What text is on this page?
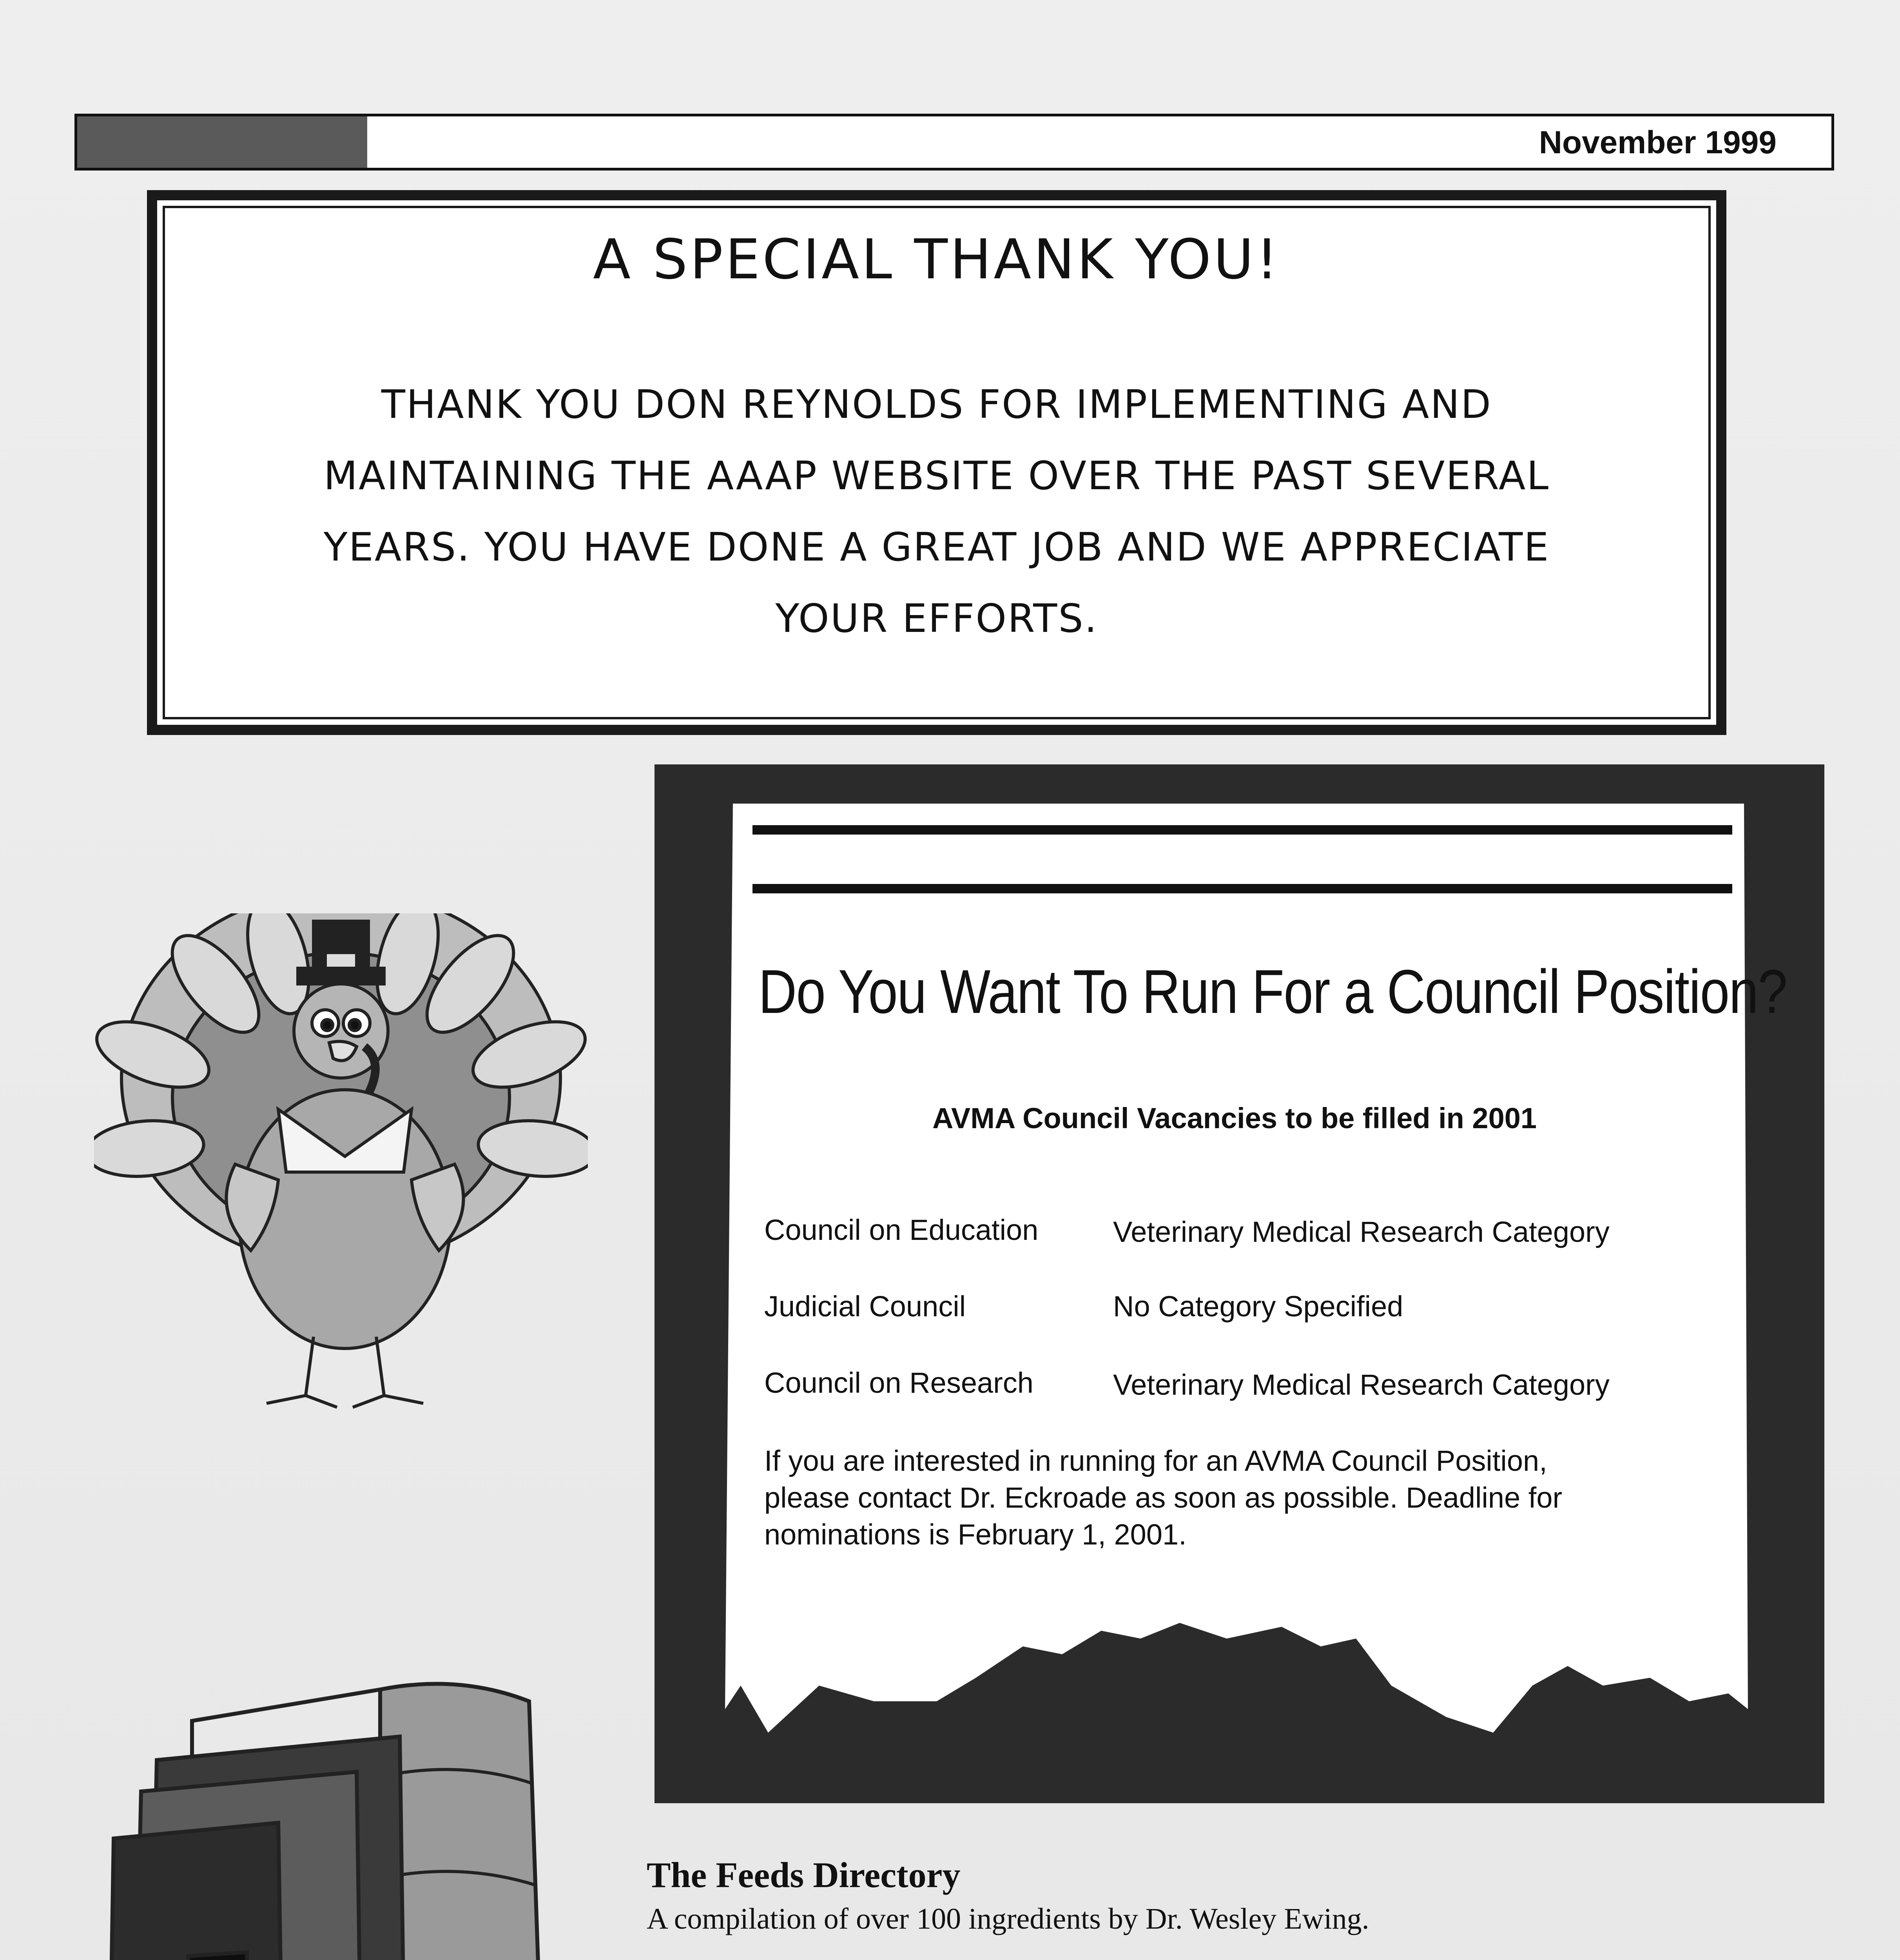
November 1999
A SPECIAL THANK YOU!
THANK YOU DON REYNOLDS FOR IMPLEMENTING AND
MAINTAINING THE AAAP WEBSITE OVER THE PAST SEVERAL
YEARS. YOU HAVE DONE A GREAT JOB AND WE APPRECIATE
YOUR EFFORTS.
Do You Want To Run For a Council Position?
AVMA Council Vacancies to be filled in 2001
Council on Education	Veterinary Medical Research Category
Judicial Council	No Category Specified
Council on Research	Veterinary Medical Research Category
If you are interested in running for an AVMA Council Position,
please contact Dr. Eckroade as soon as possible. Deadline for
nominations is February 1, 2001.
The Feeds Directory
A compilation of over 100 ingredients by Dr. Wesley Ewing.
